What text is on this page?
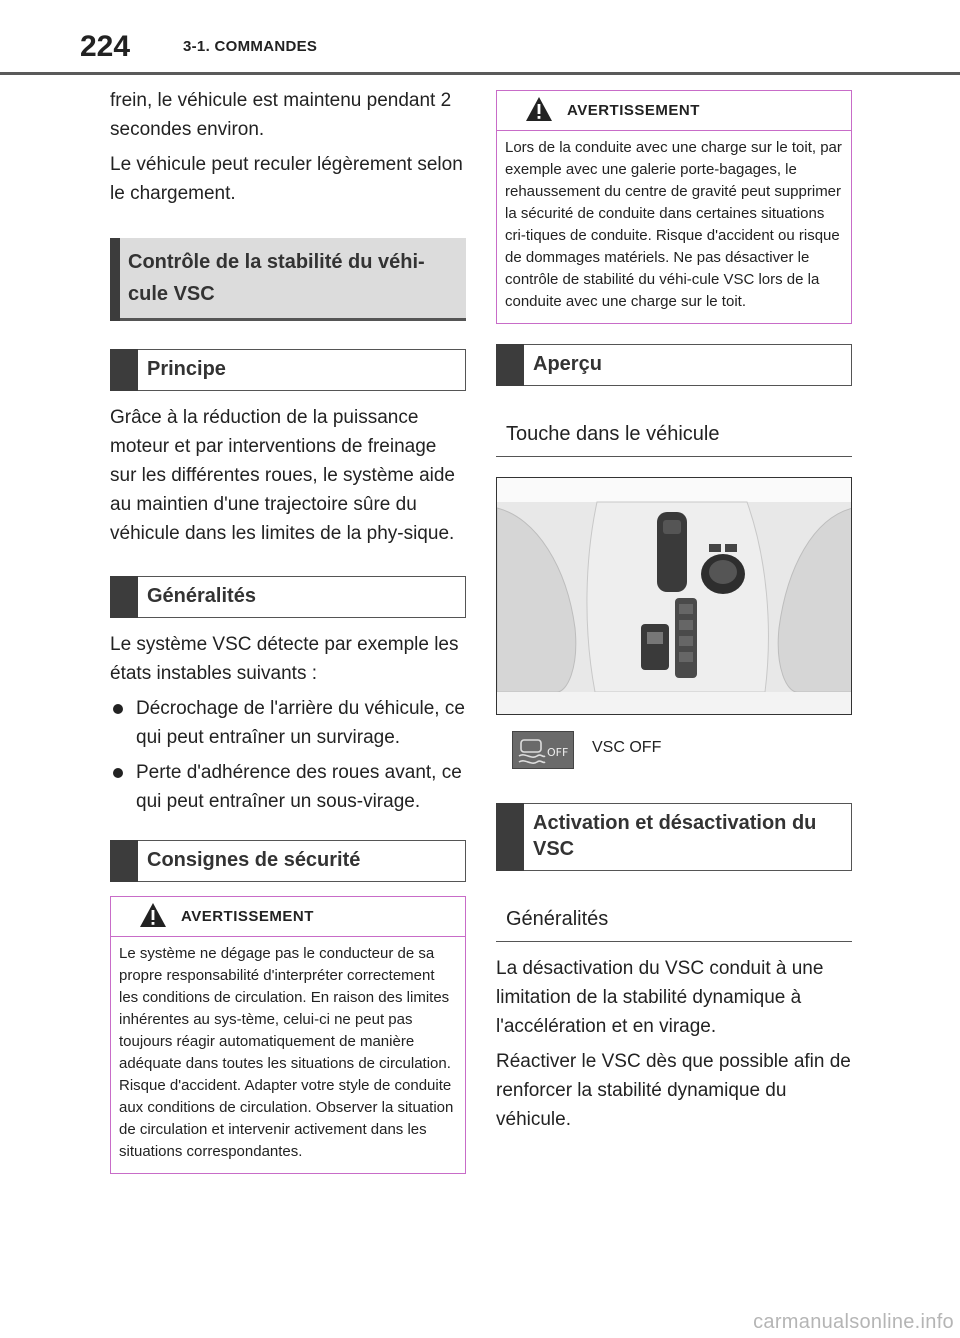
224	3-1. COMMANDES

frein, le véhicule est maintenu pendant 2 secondes environ.

Le véhicule peut reculer légèrement selon le chargement.

Contrôle de la stabilité du véhi-
cule VSC
Principe

Grâce à la réduction de la puissance moteur et par interventions de freinage sur les différentes roues, le système aide au maintien d'une trajectoire sûre du véhicule dans les limites de la phy-sique.

Généralités

Le système VSC détecte par exemple les états instables suivants :

Décrochage de l'arrière du véhicule, ce qui peut entraîner un survirage.
Perte d'adhérence des roues avant, ce qui peut entraîner un sous-virage.
Consignes de sécurité
AVERTISSEMENT
Le système ne dégage pas le conducteur de sa propre responsabilité d'interpréter correctement les conditions de circulation. En raison des limites inhérentes au sys-tème, celui-ci ne peut pas toujours réagir automatiquement de manière adéquate dans toutes les situations de circulation. Risque d'accident. Adapter votre style de conduite aux conditions de circulation. Observer la situation de circulation et intervenir activement dans les situations correspondantes.
AVERTISSEMENT
Lors de la conduite avec une charge sur le toit, par exemple avec une galerie porte-bagages, le rehaussement du centre de gravité peut supprimer la sécurité de conduite dans certaines situations cri-tiques de conduite. Risque d'accident ou risque de dommages matériels. Ne pas désactiver le contrôle de stabilité du véhi-cule VSC lors de la conduite avec une charge sur le toit.
Aperçu
Touche dans le véhicule
OFF VSC OFF
Activation et désactivation du VSC
Généralités

La désactivation du VSC conduit à une limitation de la stabilité dynamique à l'accélération et en virage.

Réactiver le VSC dès que possible afin de renforcer la stabilité dynamique du véhicule.

carmanualsonline.info
